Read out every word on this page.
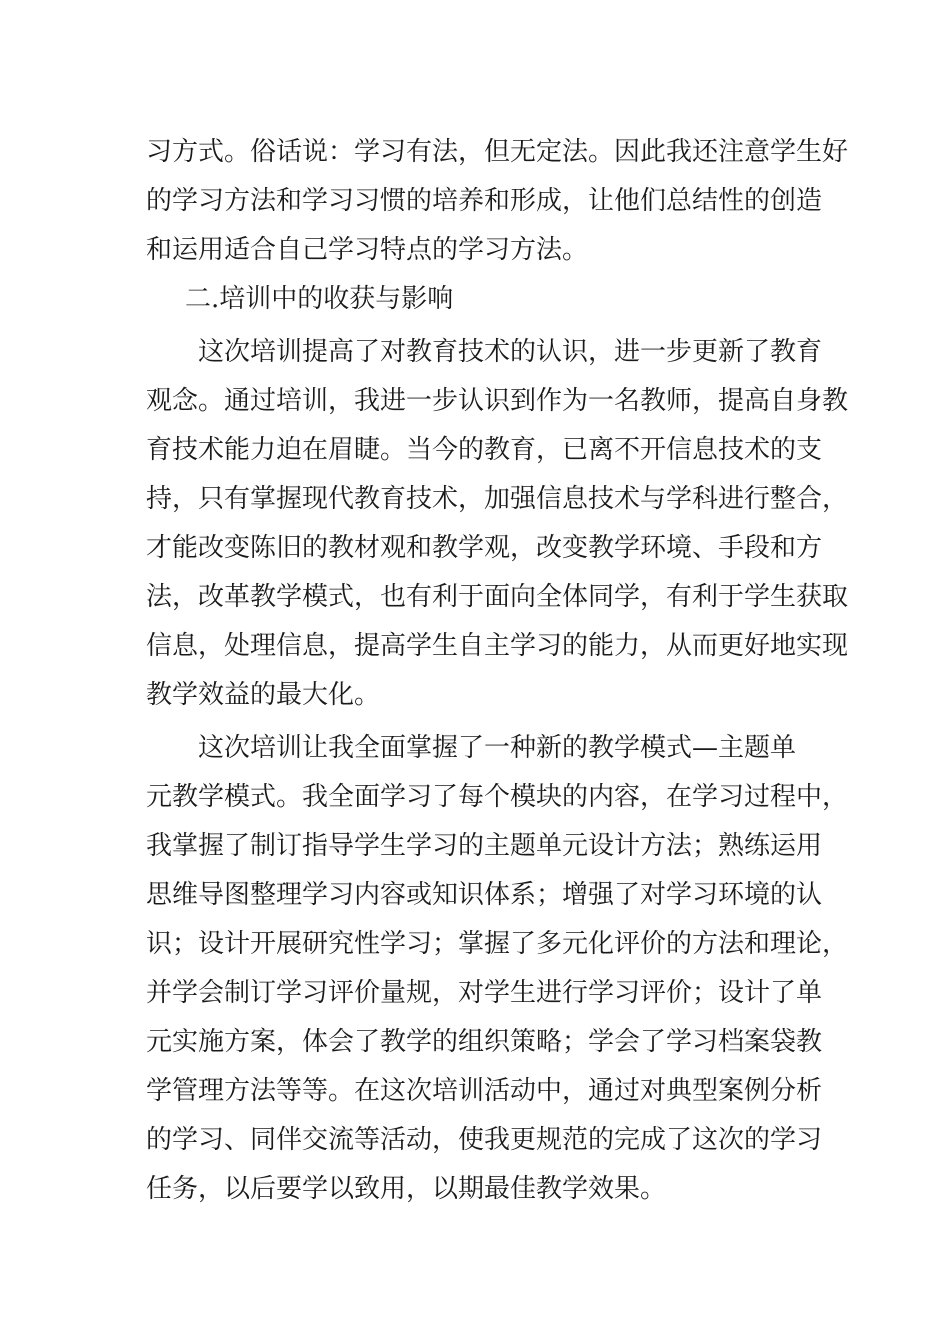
习方式。俗话说：学习有法，但无定法。因此我还注意学生好
的学习方法和学习习惯的培养和形成，让他们总结性的创造
和运用适合自己学习特点的学习方法。
二.培训中的收获与影响
这次培训提高了对教育技术的认识，进一步更新了教育
观念。通过培训，我进一步认识到作为一名教师，提高自身教
育技术能力迫在眉睫。当今的教育，已离不开信息技术的支
持，只有掌握现代教育技术，加强信息技术与学科进行整合，
才能改变陈旧的教材观和教学观，改变教学环境、手段和方
法，改革教学模式，也有利于面向全体同学，有利于学生获取
信息，处理信息，提高学生自主学习的能力，从而更好地实现
教学效益的最大化。
这次培训让我全面掌握了一种新的教学模式—主题单
元教学模式。我全面学习了每个模块的内容，在学习过程中，
我掌握了制订指导学生学习的主题单元设计方法；熟练运用
思维导图整理学习内容或知识体系；增强了对学习环境的认
识；设计开展研究性学习；掌握了多元化评价的方法和理论，
并学会制订学习评价量规，对学生进行学习评价；设计了单
元实施方案，体会了教学的组织策略；学会了学习档案袋教
学管理方法等等。在这次培训活动中，通过对典型案例分析
的学习、同伴交流等活动，使我更规范的完成了这次的学习
任务，以后要学以致用，以期最佳教学效果。
